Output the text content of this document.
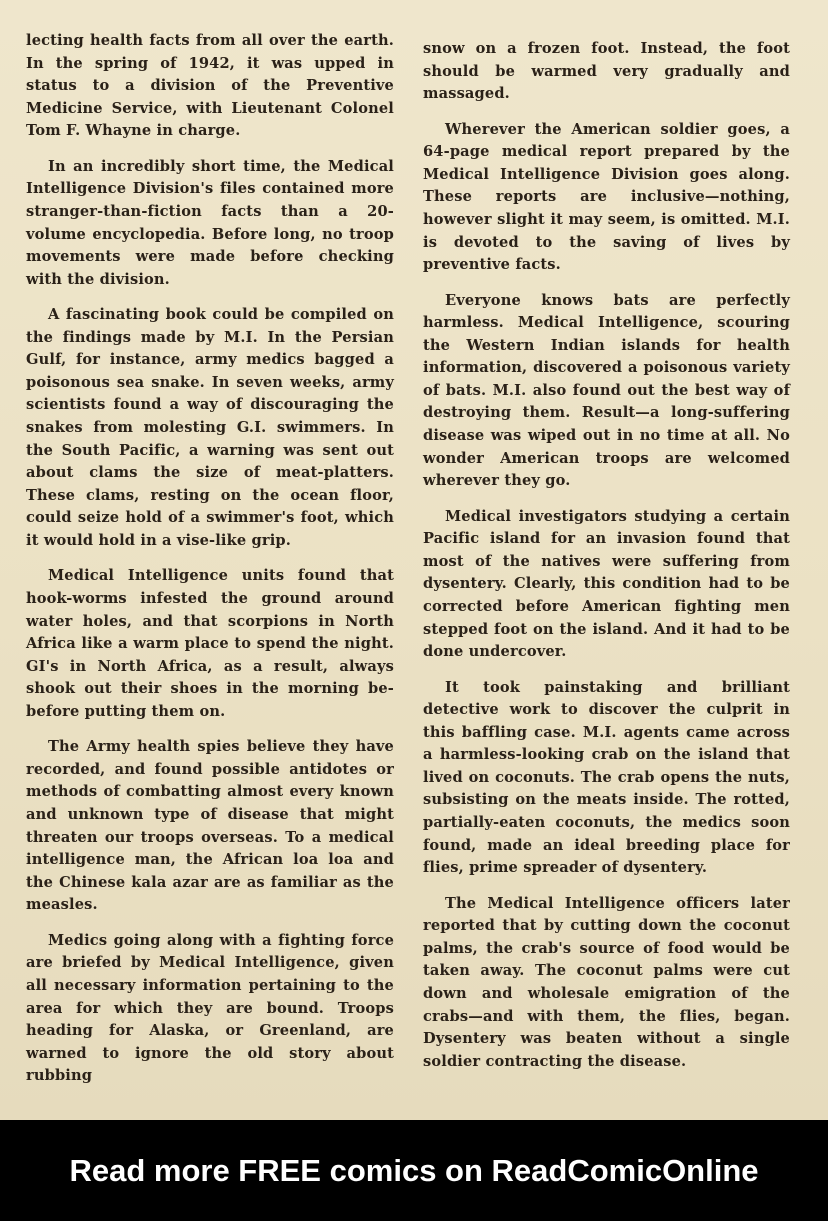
lecting health facts from all over the earth. In the spring of 1942, it was upped in status to a division of the Preventive Medicine Service, with Lieutenant Colonel Tom F. Whayne in charge.

In an incredibly short time, the Medical Intelligence Division's files contained more stranger-than-fiction facts than a 20-volume encyclopedia. Before long, no troop movements were made before checking with the division.

A fascinating book could be compiled on the findings made by M.I. In the Persian Gulf, for instance, army medics bagged a poisonous sea snake. In seven weeks, army scientists found a way of discouraging the snakes from molesting G.I. swimmers. In the South Pacific, a warning was sent out about clams the size of meat-platters. These clams, resting on the ocean floor, could seize hold of a swimmer's foot, which it would hold in a vise-like grip.

Medical Intelligence units found that hook-worms infested the ground around water holes, and that scorpions in North Africa like a warm place to spend the night. GI's in North Africa, as a result, always shook out their shoes in the morning be-before putting them on.

The Army health spies believe they have recorded, and found possible antidotes or methods of combatting almost every known and unknown type of disease that might threaten our troops overseas. To a medical intelligence man, the African loa loa and the Chinese kala azar are as familiar as the measles.

Medics going along with a fighting force are briefed by Medical Intelligence, given all necessary information pertaining to the area for which they are bound. Troops heading for Alaska, or Greenland, are warned to ignore the old story about rubbing

snow on a frozen foot. Instead, the foot should be warmed very gradually and massaged.

Wherever the American soldier goes, a 64-page medical report prepared by the Medical Intelligence Division goes along. These reports are inclusive—nothing, however slight it may seem, is omitted. M.I. is devoted to the saving of lives by preventive facts.

Everyone knows bats are perfectly harmless. Medical Intelligence, scouring the Western Indian islands for health information, discovered a poisonous variety of bats. M.I. also found out the best way of destroying them. Result—a long-suffering disease was wiped out in no time at all. No wonder American troops are welcomed wherever they go.

Medical investigators studying a certain Pacific island for an invasion found that most of the natives were suffering from dysentery. Clearly, this condition had to be corrected before American fighting men stepped foot on the island. And it had to be done undercover.

It took painstaking and brilliant detective work to discover the culprit in this baffling case. M.I. agents came across a harmless-looking crab on the island that lived on coconuts. The crab opens the nuts, subsisting on the meats inside. The rotted, partially-eaten coconuts, the medics soon found, made an ideal breeding place for flies, prime spreader of dysentery.

The Medical Intelligence officers later reported that by cutting down the coconut palms, the crab's source of food would be taken away. The coconut palms were cut down and wholesale emigration of the crabs—and with them, the flies, began. Dysentery was beaten without a single soldier contracting the disease.

Read more FREE comics on ReadComicOnline
